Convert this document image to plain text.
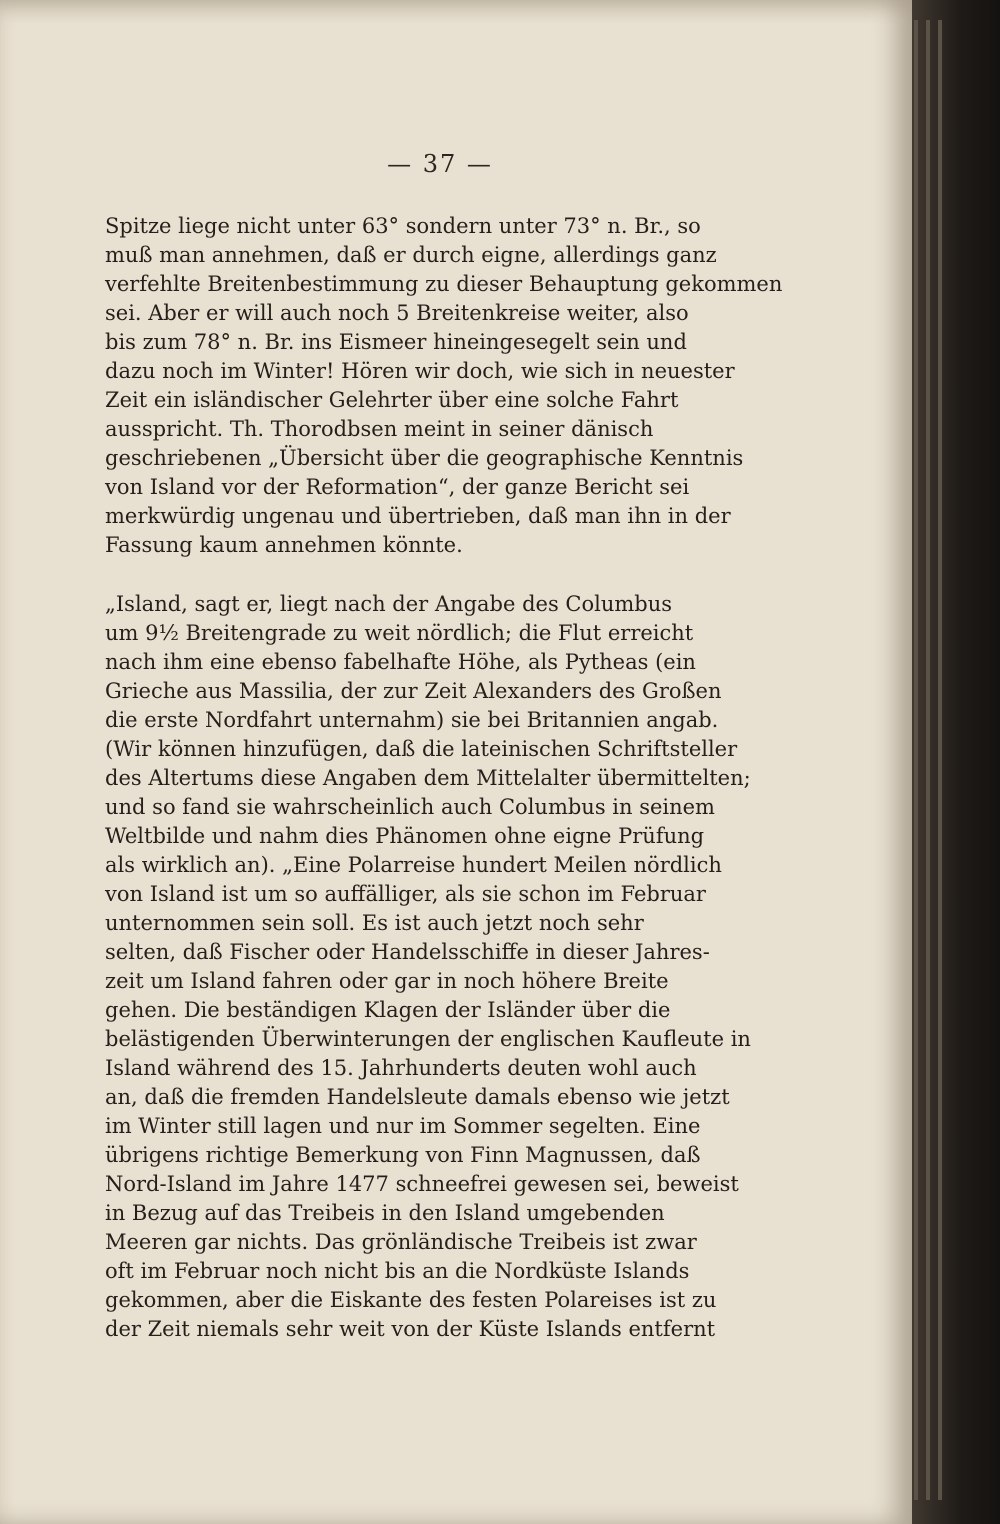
— 37 —

Spitze liege nicht unter 63° sondern unter 73° n. Br., so
muß man annehmen, daß er durch eigne, allerdings ganz
verfehlte Breitenbestimmung zu dieser Behauptung gekommen
sei. Aber er will auch noch 5 Breitenkreise weiter, also
bis zum 78° n. Br. ins Eismeer hineingesegelt sein und
dazu noch im Winter! Hören wir doch, wie sich in neuester
Zeit ein isländischer Gelehrter über eine solche Fahrt
ausspricht. Th. Thorodbsen meint in seiner dänisch
geschriebenen „Übersicht über die geographische Kenntnis
von Island vor der Reformation“, der ganze Bericht sei
merkwürdig ungenau und übertrieben, daß man ihn in der
Fassung kaum annehmen könnte.

„Island, sagt er, liegt nach der Angabe des Columbus
um 9½ Breitengrade zu weit nördlich; die Flut erreicht
nach ihm eine ebenso fabelhafte Höhe, als Pytheas (ein
Grieche aus Massilia, der zur Zeit Alexanders des Großen
die erste Nordfahrt unternahm) sie bei Britannien angab.
(Wir können hinzufügen, daß die lateinischen Schriftsteller
des Altertums diese Angaben dem Mittelalter übermittelten;
und so fand sie wahrscheinlich auch Columbus in seinem
Weltbilde und nahm dies Phänomen ohne eigne Prüfung
als wirklich an). „Eine Polarreise hundert Meilen nördlich
von Island ist um so auffälliger, als sie schon im Februar
unternommen sein soll. Es ist auch jetzt noch sehr
selten, daß Fischer oder Handelsschiffe in dieser Jahres-
zeit um Island fahren oder gar in noch höhere Breite
gehen. Die beständigen Klagen der Isländer über die
belästigenden Überwinterungen der englischen Kaufleute in
Island während des 15. Jahrhunderts deuten wohl auch
an, daß die fremden Handelsleute damals ebenso wie jetzt
im Winter still lagen und nur im Sommer segelten. Eine
übrigens richtige Bemerkung von Finn Magnussen, daß
Nord-Island im Jahre 1477 schneefrei gewesen sei, beweist
in Bezug auf das Treibeis in den Island umgebenden
Meeren gar nichts. Das grönländische Treibeis ist zwar
oft im Februar noch nicht bis an die Nordküste Islands
gekommen, aber die Eiskante des festen Polareises ist zu
der Zeit niemals sehr weit von der Küste Islands entfernt
